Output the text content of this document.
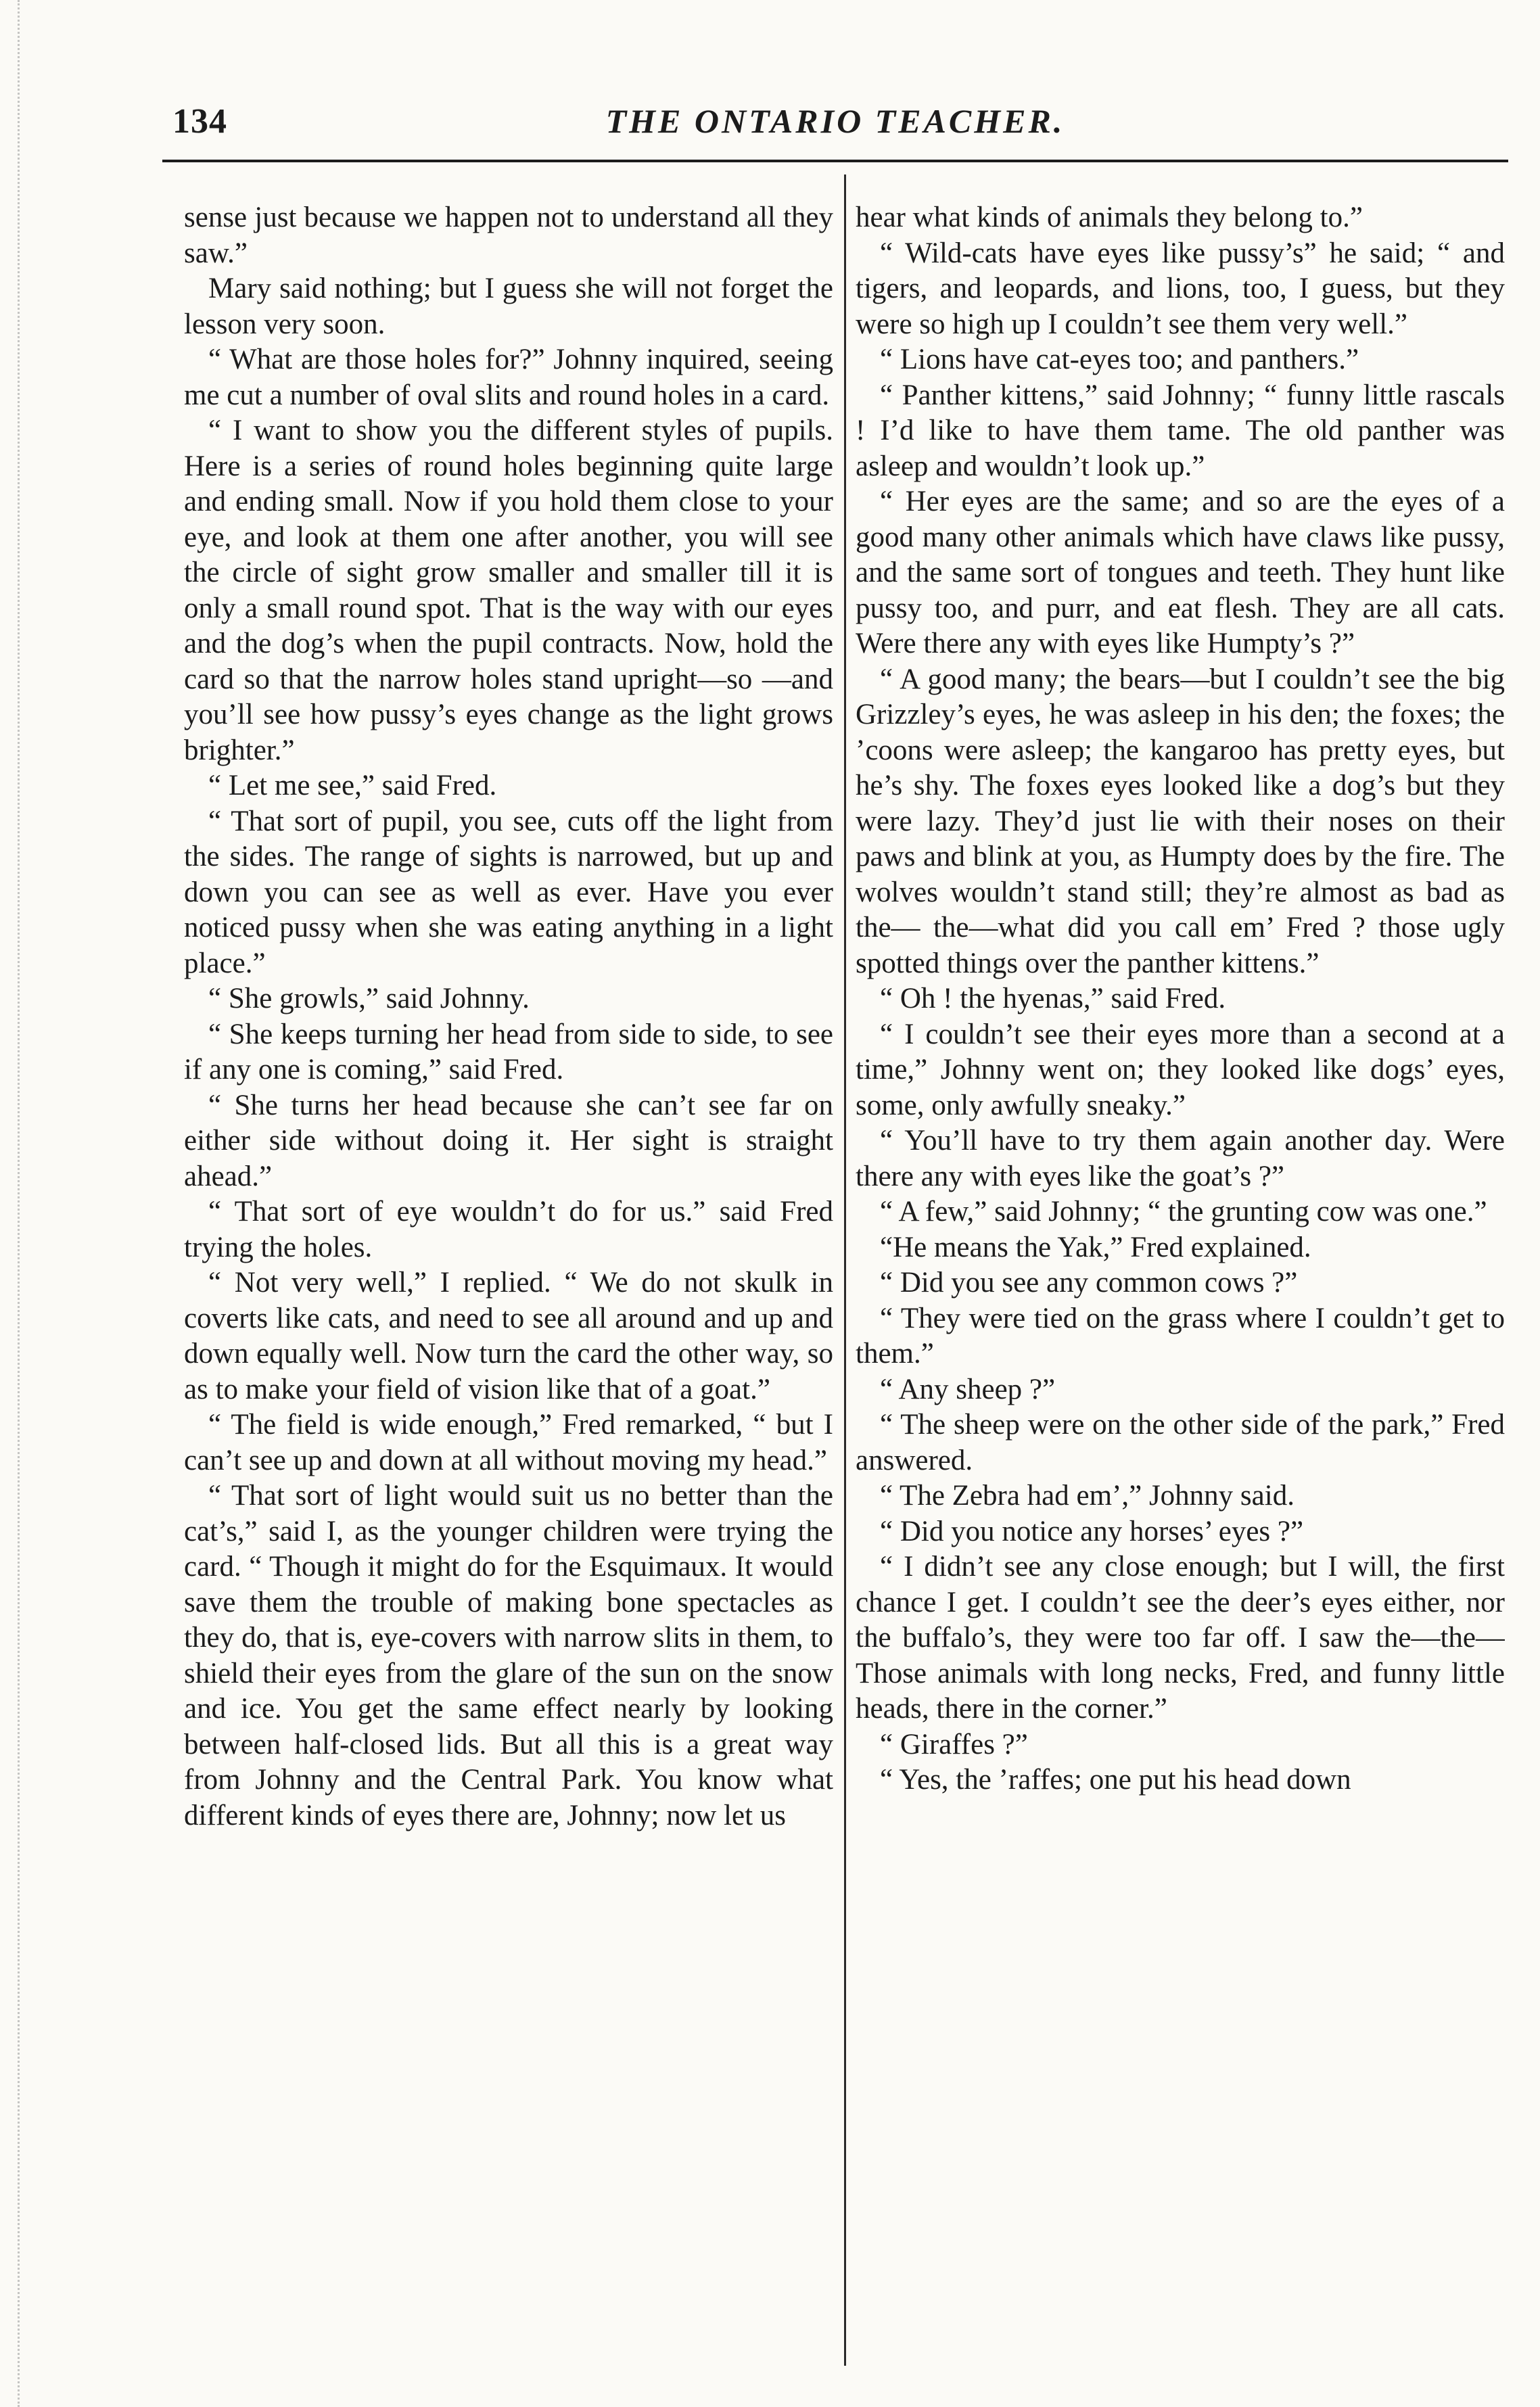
134	THE ONTARIO TEACHER.

sense just because we happen not to understand all they saw.”

Mary said nothing; but I guess she will not forget the lesson very soon.

“ What are those holes for?” Johnny inquired, seeing me cut a number of oval slits and round holes in a card.

“ I want to show you the different styles of pupils. Here is a series of round holes beginning quite large and ending small. Now if you hold them close to your eye, and look at them one after another, you will see the circle of sight grow smaller and smaller till it is only a small round spot. That is the way with our eyes and the dog’s when the pupil contracts. Now, hold the card so that the narrow holes stand upright—so —and you’ll see how pussy’s eyes change as the light grows brighter.”

“ Let me see,” said Fred.

“ That sort of pupil, you see, cuts off the light from the sides. The range of sights is narrowed, but up and down you can see as well as ever. Have you ever noticed pussy when she was eating anything in a light place.”

“ She growls,” said Johnny.

“ She keeps turning her head from side to side, to see if any one is coming,” said Fred.

“ She turns her head because she can’t see far on either side without doing it. Her sight is straight ahead.”

“ That sort of eye wouldn’t do for us.” said Fred trying the holes.

“ Not very well,” I replied. “ We do not skulk in coverts like cats, and need to see all around and up and down equally well. Now turn the card the other way, so as to make your field of vision like that of a goat.”

“ The field is wide enough,” Fred remarked, “ but I can’t see up and down at all without moving my head.”

“ That sort of light would suit us no better than the cat’s,” said I, as the younger children were trying the card. “ Though it might do for the Esquimaux. It would save them the trouble of making bone spectacles as they do, that is, eye-covers with narrow slits in them, to shield their eyes from the glare of the sun on the snow and ice. You get the same effect nearly by looking between half-closed lids. But all this is a great way from Johnny and the Central Park. You know what different kinds of eyes there are, Johnny; now let us

hear what kinds of animals they belong to.”

“ Wild-cats have eyes like pussy’s” he said; “ and tigers, and leopards, and lions, too, I guess, but they were so high up I couldn’t see them very well.”

“ Lions have cat-eyes too; and panthers.”

“ Panther kittens,” said Johnny; “ funny little rascals ! I’d like to have them tame. The old panther was asleep and wouldn’t look up.”

“ Her eyes are the same; and so are the eyes of a good many other animals which have claws like pussy, and the same sort of tongues and teeth. They hunt like pussy too, and purr, and eat flesh. They are all cats. Were there any with eyes like Humpty’s ?”

“ A good many; the bears—but I couldn’t see the big Grizzley’s eyes, he was asleep in his den; the foxes; the ’coons were asleep; the kangaroo has pretty eyes, but he’s shy. The foxes eyes looked like a dog’s but they were lazy. They’d just lie with their noses on their paws and blink at you, as Humpty does by the fire. The wolves wouldn’t stand still; they’re almost as bad as the— the—what did you call em’ Fred ? those ugly spotted things over the panther kittens.”

“ Oh ! the hyenas,” said Fred.

“ I couldn’t see their eyes more than a second at a time,” Johnny went on; they looked like dogs’ eyes, some, only awfully sneaky.”

“ You’ll have to try them again another day. Were there any with eyes like the goat’s ?”

“ A few,” said Johnny; “ the grunting cow was one.”

“He means the Yak,” Fred explained.

“ Did you see any common cows ?”

“ They were tied on the grass where I couldn’t get to them.”

“ Any sheep ?”

“ The sheep were on the other side of the park,” Fred answered.

“ The Zebra had em’,” Johnny said.

“ Did you notice any horses’ eyes ?”

“ I didn’t see any close enough; but I will, the first chance I get. I couldn’t see the deer’s eyes either, nor the buffalo’s, they were too far off. I saw the—the—Those animals with long necks, Fred, and funny little heads, there in the corner.”

“ Giraffes ?”

“ Yes, the ’raffes; one put his head down
